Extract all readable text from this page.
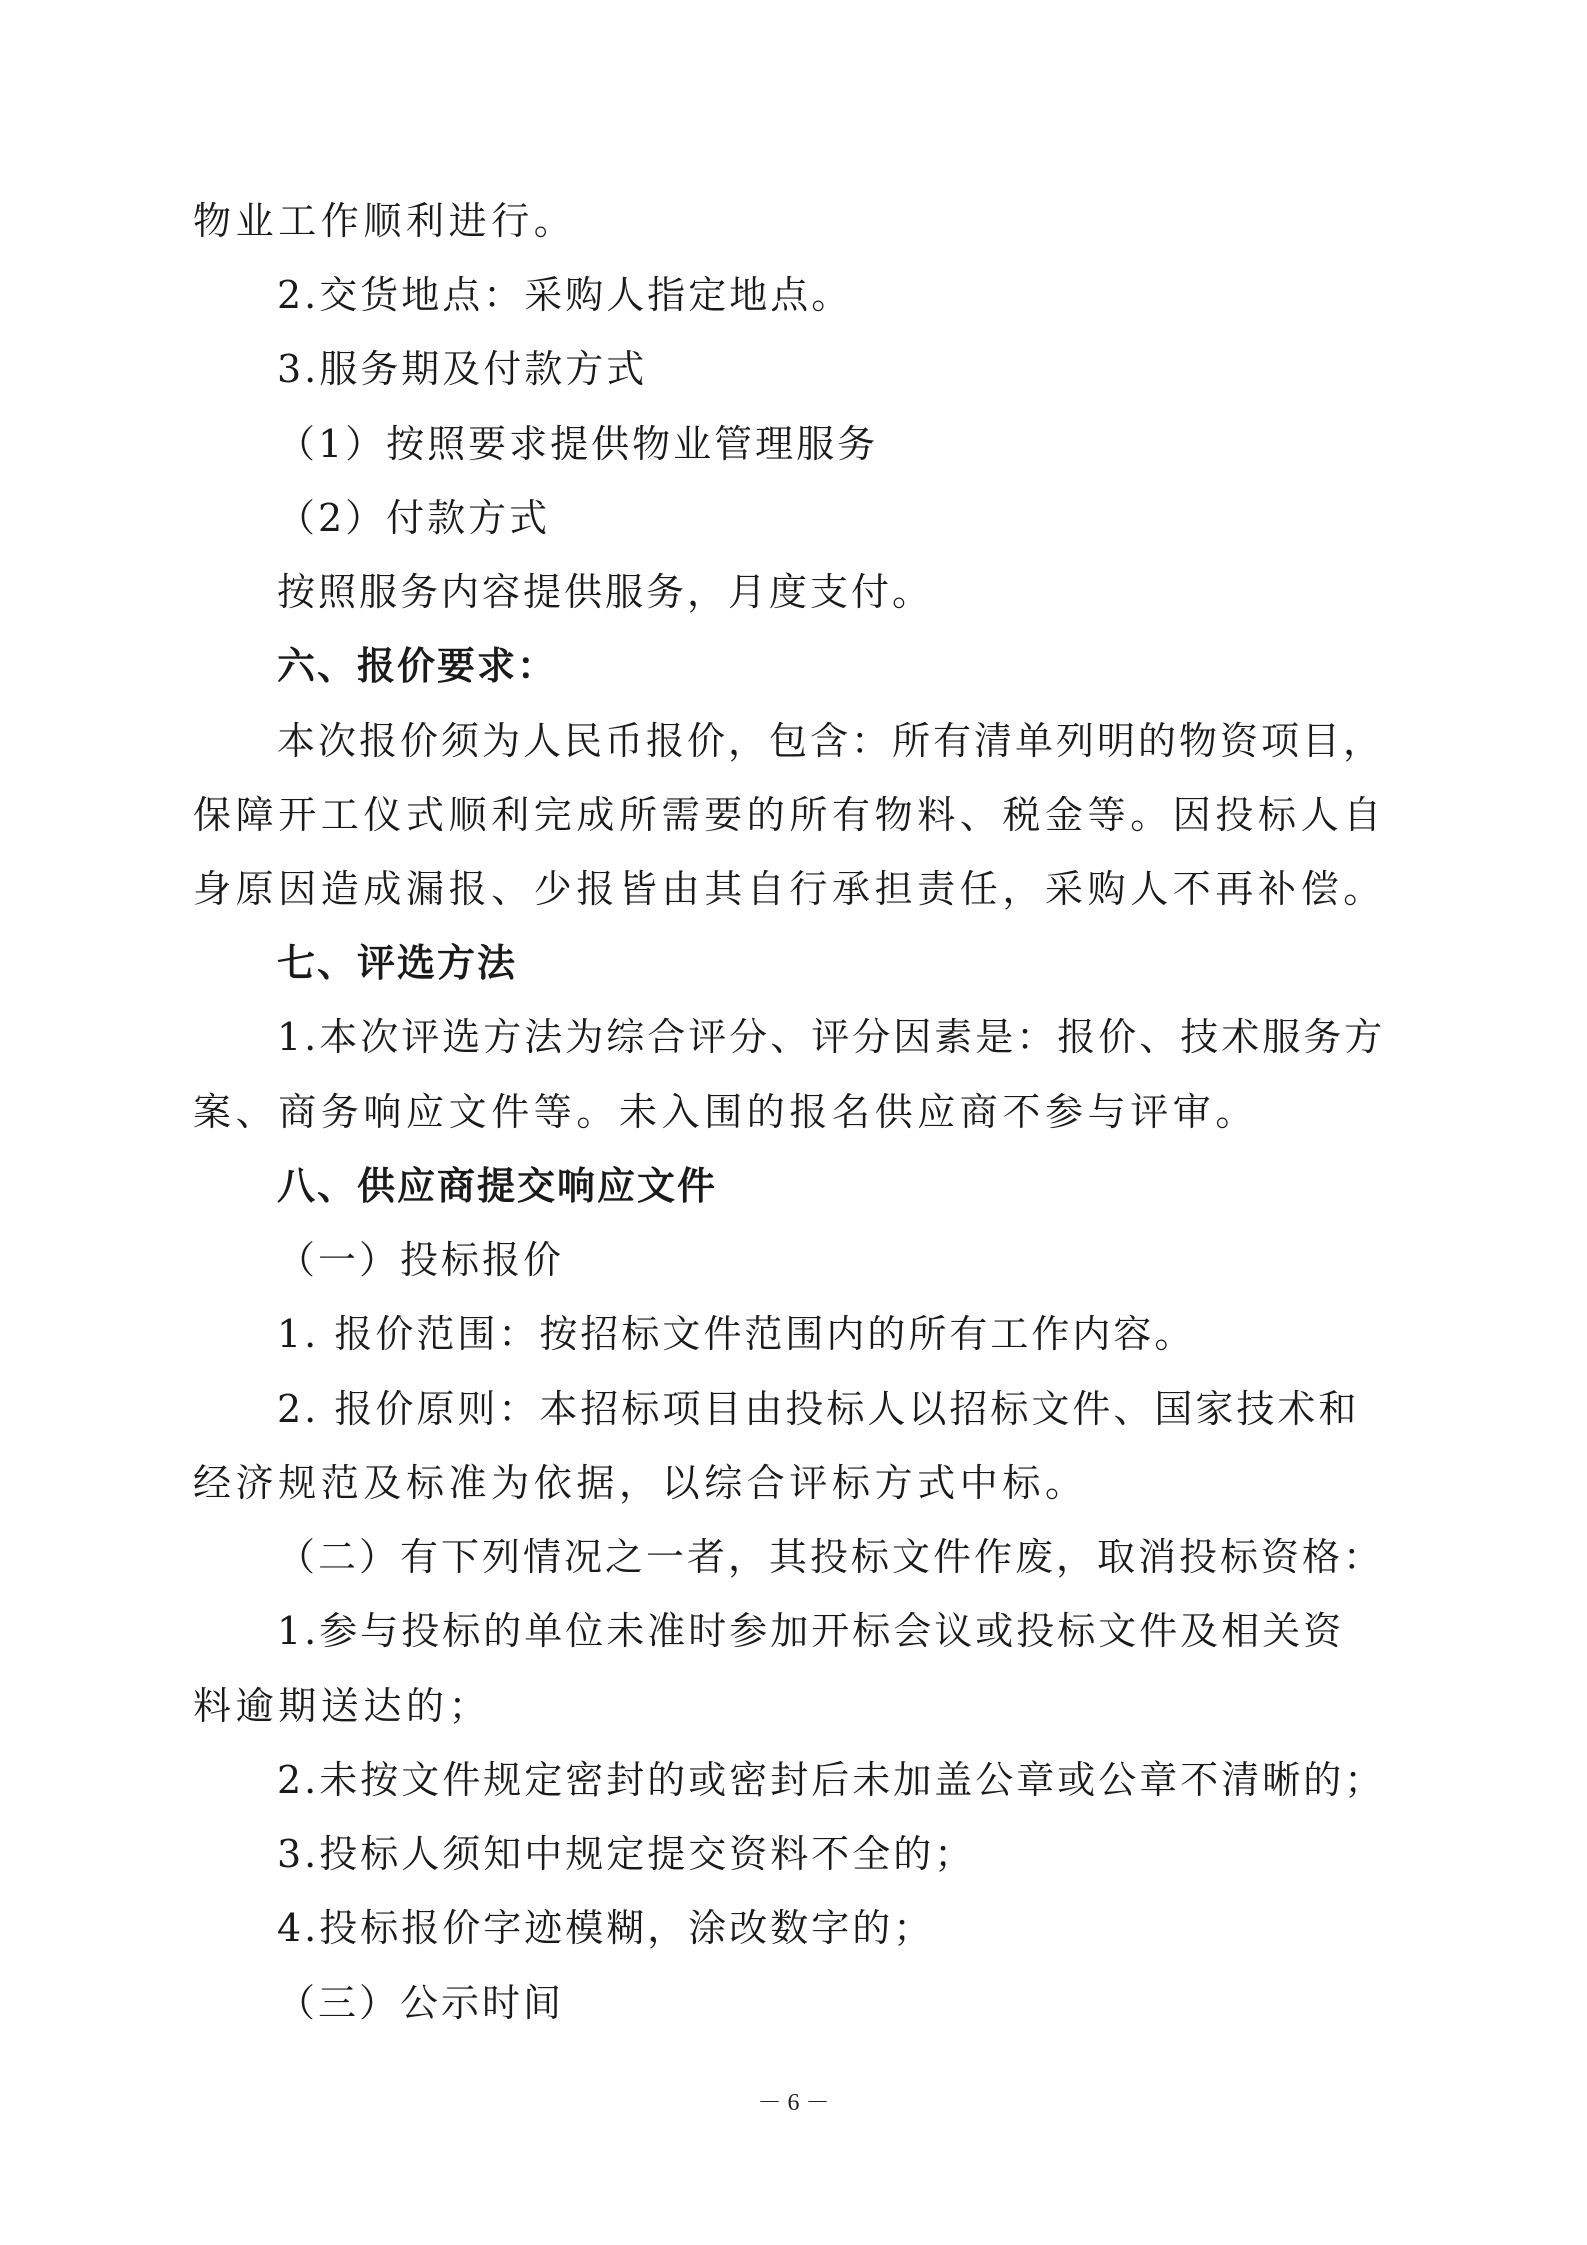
物业工作顺利进行。
2.交货地点：采购人指定地点。
3.服务期及付款方式
（1）按照要求提供物业管理服务
（2）付款方式
按照服务内容提供服务，月度支付。
六、报价要求：
本次报价须为人民币报价，包含：所有清单列明的物资项目，
保障开工仪式顺利完成所需要的所有物料、税金等。因投标人自
身原因造成漏报、少报皆由其自行承担责任，采购人不再补偿。
七、评选方法
1.本次评选方法为综合评分、评分因素是：报价、技术服务方
案、商务响应文件等。未入围的报名供应商不参与评审。
八、供应商提交响应文件
（一）投标报价
1. 报价范围：按招标文件范围内的所有工作内容。
2. 报价原则：本招标项目由投标人以招标文件、国家技术和
经济规范及标准为依据，以综合评标方式中标。
（二）有下列情况之一者，其投标文件作废，取消投标资格：
1.参与投标的单位未准时参加开标会议或投标文件及相关资
料逾期送达的；
2.未按文件规定密封的或密封后未加盖公章或公章不清晰的；
3.投标人须知中规定提交资料不全的；
4.投标报价字迹模糊，涂改数字的；
（三）公示时间
－ 6 －
